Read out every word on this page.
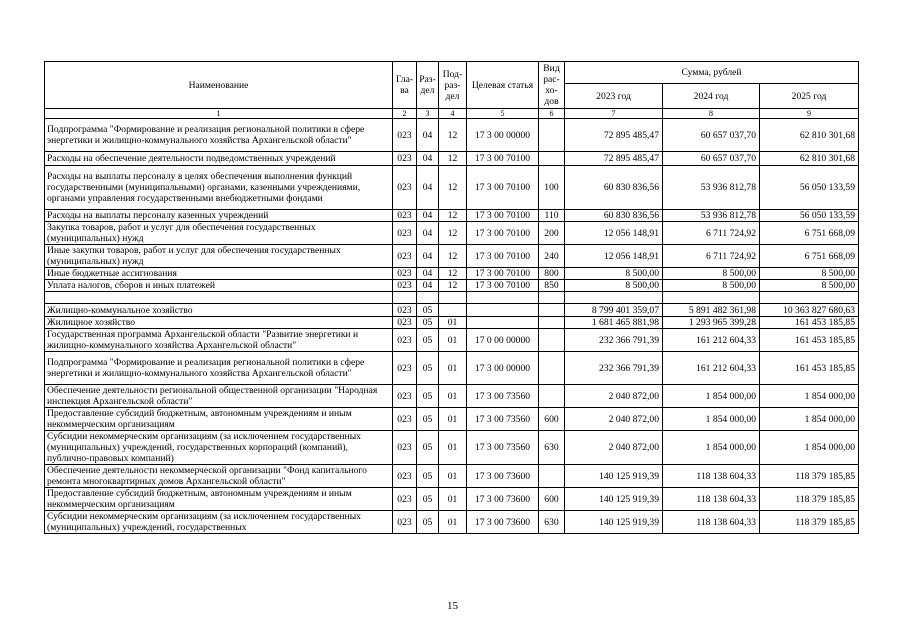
Наименование	Гла-ва	Раз-дел	Под-раз-дел	Целевая статья	Вид рас-хо-дов	Сумма, рублей		
						2023 год	2024 год	2025 год
1	2	3	4	5	6	7	8	9
Подпрограмма "Формирование и реализация региональной политики в сфере энергетики и жилищно-коммунального хозяйства Архангельской области"	023	04	12	17 3 00 00000		72 895 485,47	60 657 037,70	62 810 301,68
Расходы на обеспечение деятельности подведомственных учреждений	023	04	12	17 3 00 70100		72 895 485,47	60 657 037,70	62 810 301,68
Расходы на выплаты персоналу в целях обеспечения выполнения функций государственными (муниципальными) органами, казенными учреждениями, органами управления государственными внебюджетными фондами	023	04	12	17 3 00 70100	100	60 830 836,56	53 936 812,78	56 050 133,59
Расходы на выплаты персоналу казенных учреждений	023	04	12	17 3 00 70100	110	60 830 836,56	53 936 812,78	56 050 133,59
Закупка товаров, работ и услуг для обеспечения государственных (муниципальных) нужд	023	04	12	17 3 00 70100	200	12 056 148,91	6 711 724,92	6 751 668,09
Иные закупки товаров, работ и услуг для обеспечения государственных (муниципальных) нужд	023	04	12	17 3 00 70100	240	12 056 148,91	6 711 724,92	6 751 668,09
Иные бюджетные ассигнования	023	04	12	17 3 00 70100	800	8 500,00	8 500,00	8 500,00
Уплата налогов, сборов и иных платежей	023	04	12	17 3 00 70100	850	8 500,00	8 500,00	8 500,00

Жилищно-коммунальное хозяйство	023	05				8 799 401 359,07	5 891 482 361,98	10 363 827 680,63
Жилищное хозяйство	023	05	01			1 681 465 881,98	1 293 965 399,28	161 453 185,85
Государственная программа Архангельской области "Развитие энергетики и жилищно-коммунального хозяйства Архангельской области"	023	05	01	17 0 00 00000		232 366 791,39	161 212 604,33	161 453 185,85
Подпрограмма "Формирование и реализация региональной политики в сфере энергетики и жилищно-коммунального хозяйства Архангельской области"	023	05	01	17 3 00 00000		232 366 791,39	161 212 604,33	161 453 185,85
Обеспечение деятельности региональной общественной организации "Народная инспекция Архангельской области"	023	05	01	17 3 00 73560		2 040 872,00	1 854 000,00	1 854 000,00
Предоставление субсидий бюджетным, автономным учреждениям и иным некоммерческим организациям	023	05	01	17 3 00 73560	600	2 040 872,00	1 854 000,00	1 854 000,00
Субсидии некоммерческим организациям (за исключением государственных (муниципальных) учреждений, государственных корпораций (компаний), публично-правовых компаний)	023	05	01	17 3 00 73560	630	2 040 872,00	1 854 000,00	1 854 000,00
Обеспечение деятельности некоммерческой организации "Фонд капитального ремонта многоквартирных домов Архангельской области"	023	05	01	17 3 00 73600		140 125 919,39	118 138 604,33	118 379 185,85
Предоставление субсидий бюджетным, автономным учреждениям и иным некоммерческим организациям	023	05	01	17 3 00 73600	600	140 125 919,39	118 138 604,33	118 379 185,85
Субсидии некоммерческим организациям (за исключением государственных (муниципальных) учреждений, государственных	023	05	01	17 3 00 73600	630	140 125 919,39	118 138 604,33	118 379 185,85
15
